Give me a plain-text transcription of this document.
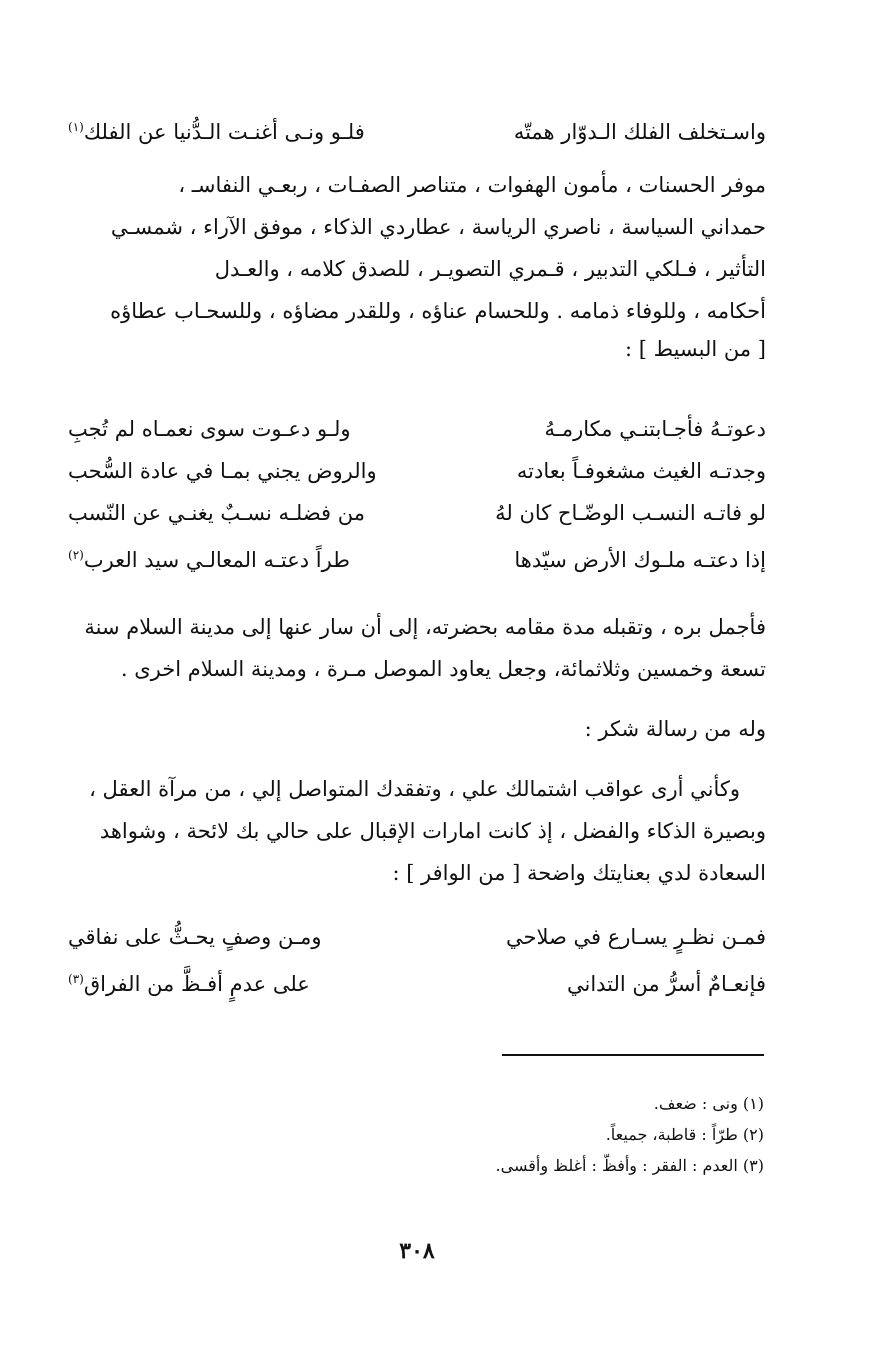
واسـتخلف الفلك الـدوّار همتّه
فلـو ونـى أغنـت الـدُّنيا عن الفلك$^{(١)}$

موفر الحسنات ، مأمون الهفوات ، متناصر الصفـات ، ربعـي النفاسـ ،

حمداني السياسة ، ناصري الرياسة ، عطاردي الذكاء ، موفق الآراء ، شمسـي

التأثير ، فـلكي التدبير ، قـمري التصويـر ، للصدق كلامه ، والعـدل

أحكامه ، وللوفاء ذمامه . وللحسام عناؤه ، وللقدر مضاؤه ، وللسحـاب عطاؤه

[ من البسيط ] :

دعوتـهُ فأجـابتنـي مكارمـهُ
ولـو دعـوت سوى نعمـاه لم تُجبِ
وجدتـه الغيث مشغوفـاً بعادته
والروض يجني بمـا في عادة السُّحب
لو فاتـه النسـب الوضّـاح كان لهُ
من فضلـه نسـبٌ يغنـي عن النّسب
إذا دعتـه ملـوك الأرض سيّدها
طراً دعتـه المعالـي سيد العرب$^{(٢)}$

فأجمل بره ، وتقبله مدة مقامه بحضرته، إلى أن سار عنها إلى مدينة السلام سنة

تسعة وخمسين وثلاثمائة، وجعل يعاود الموصل مـرة ، ومدينة السلام اخرى .

وله من رسالة شكر :

وكأني أرى عواقب اشتمالك علي ، وتفقدك المتواصل إلي ، من مرآة العقل ،

وبصيرة الذكاء والفضل ، إذ كانت امارات الإقبال على حالي بك لائحة ، وشواهد

السعادة لدي بعنايتك واضحة [ من الوافر ] :

فمـن نظـرٍ يسـارع في صلاحي
ومـن وصفٍ يحـثُّ على نفاقي
فإنعـامٌ أسرُّ من التداني
على عدمٍ أفـظَّ من الفراق$^{(٣)}$
(١) ونى : ضعف.
(٢) طرّاً : قاطبة، جميعاً.
(٣) العدم : الفقر : وأفظّ : أغلظ وأقسى.
٣٠٨
